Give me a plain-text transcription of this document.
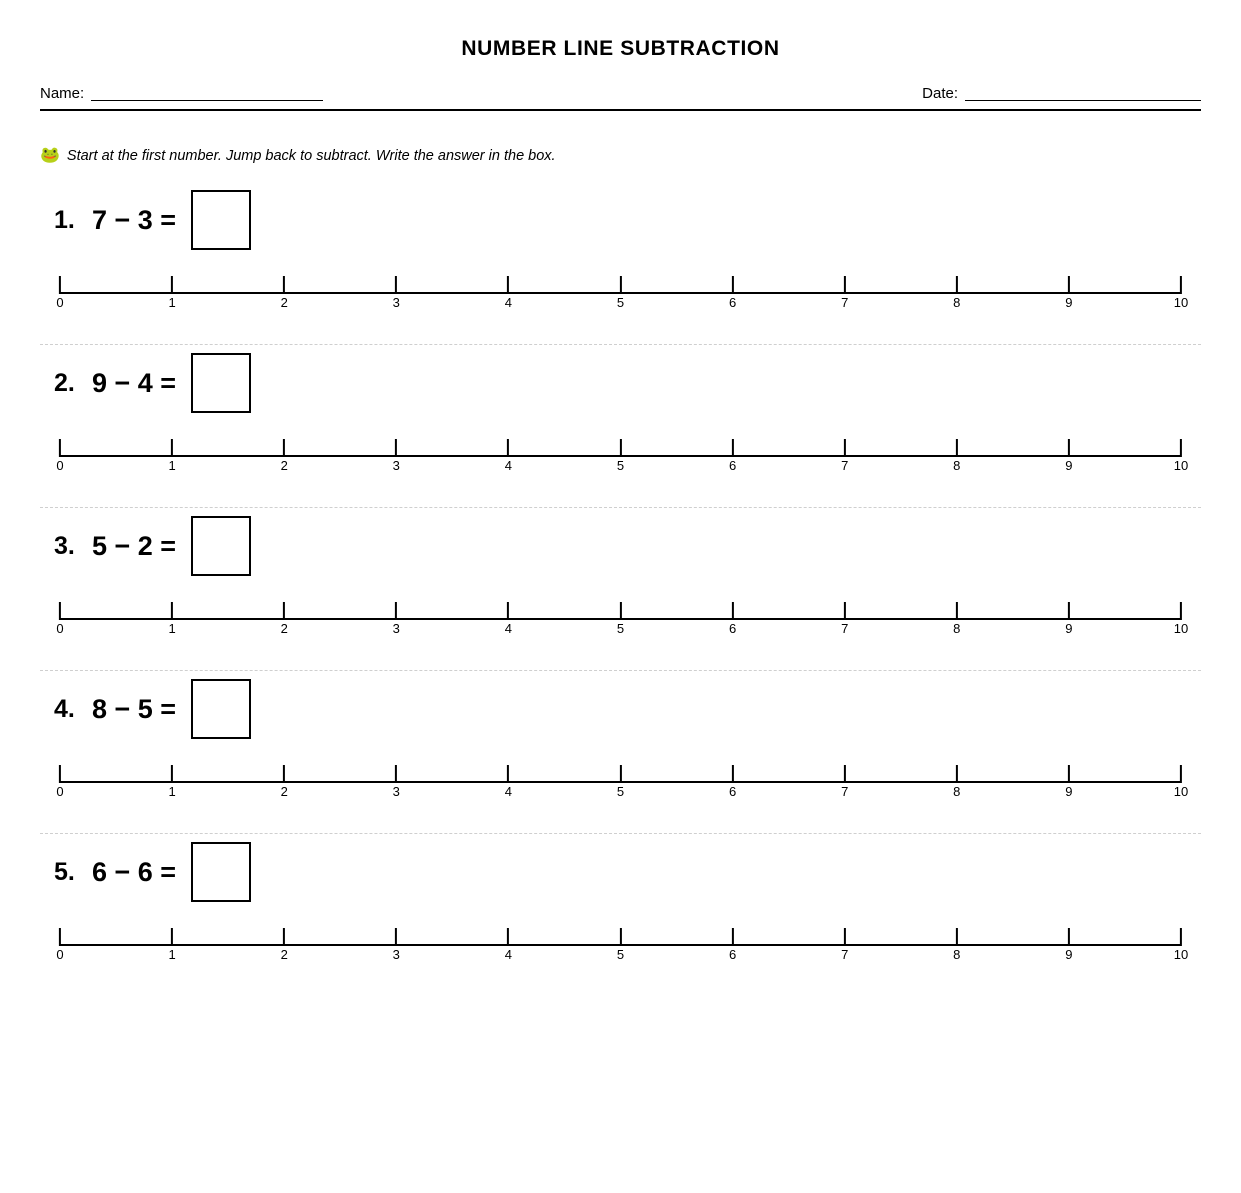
NUMBER LINE SUBTRACTION
Name:	Date:
🐸 Start at the first number. Jump back to subtract. Write the answer in the box.
1. 7 − 3 =
0	1	2	3	4	5	6	7	8	9	10
2. 9 − 4 =
0	1	2	3	4	5	6	7	8	9	10
3. 5 − 2 =
0	1	2	3	4	5	6	7	8	9	10
4. 8 − 5 =
0	1	2	3	4	5	6	7	8	9	10
5. 6 − 6 =
0	1	2	3	4	5	6	7	8	9	10
